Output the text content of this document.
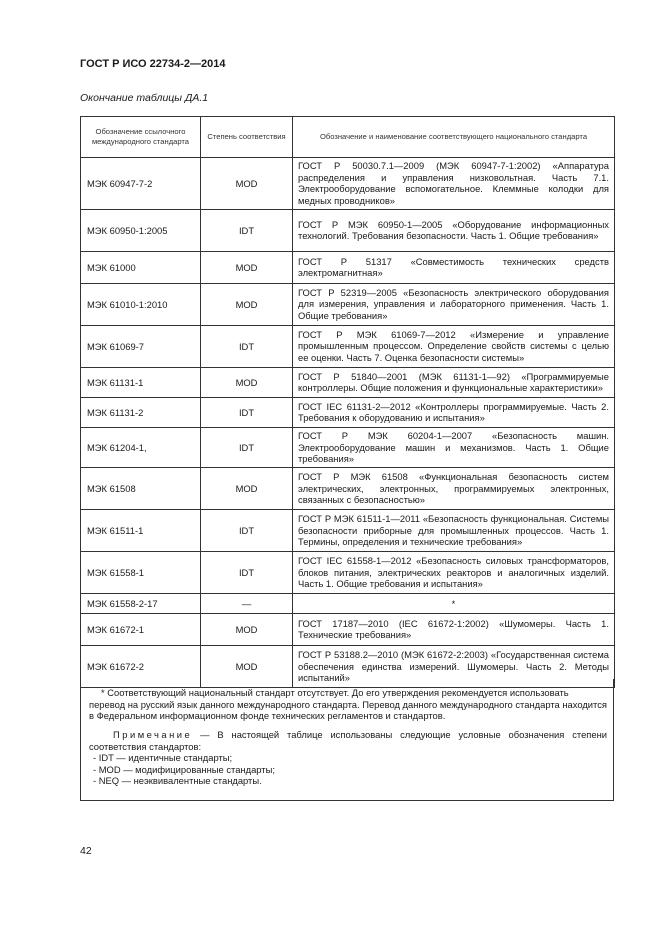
ГОСТ Р ИСО 22734-2—2014
Окончание таблицы ДА.1
Обозначение ссылочного международного стандарта	Степень соответствия	Обозначение и наименование соответствующего национального стандарта
МЭК 60947-7-2	MOD	ГОСТ Р 50030.7.1—2009 (МЭК 60947-7-1:2002) «Аппаратура распределения и управления низковольтная. Часть 7.1. Электрооборудование вспомогательное. Клеммные колодки для медных проводников»
МЭК 60950-1:2005	IDT	ГОСТ Р МЭК 60950-1—2005 «Оборудование информационных технологий. Требования безопасности. Часть 1. Общие требования»
МЭК 61000	MOD	ГОСТ Р 51317 «Совместимость технических средств электромагнитная»
МЭК 61010-1:2010	MOD	ГОСТ Р 52319—2005 «Безопасность электрического оборудования для измерения, управления и лабораторного применения. Часть 1. Общие требования»
МЭК 61069-7	IDT	ГОСТ Р МЭК 61069-7—2012 «Измерение и управление промышленным процессом. Определение свойств системы с целью ее оценки. Часть 7. Оценка безопасности системы»
МЭК 61131-1	MOD	ГОСТ Р 51840—2001 (МЭК 61131-1—92) «Программируемые контроллеры. Общие положения и функциональные характеристики»
МЭК 61131-2	IDT	ГОСТ IEC 61131-2—2012 «Контроллеры программируемые. Часть 2. Требования к оборудованию и испытания»
МЭК 61204-1,	IDT	ГОСТ Р МЭК 60204-1—2007 «Безопасность машин. Электрооборудование машин и механизмов. Часть 1. Общие требования»
МЭК 61508	MOD	ГОСТ Р МЭК 61508 «Функциональная безопасность систем электрических, электронных, программируемых электронных, связанных с безопасностью»
МЭК 61511-1	IDT	ГОСТ Р МЭК 61511-1—2011 «Безопасность функциональная. Системы безопасности приборные для промышленных процессов. Часть 1. Термины, определения и технические требования»
МЭК 61558-1	IDT	ГОСТ IEC 61558-1—2012 «Безопасность силовых трансформаторов, блоков питания, электрических реакторов и аналогичных изделий. Часть 1. Общие требования и испытания»
МЭК 61558-2-17	—	*
МЭК 61672-1	MOD	ГОСТ 17187—2010 (IEC 61672-1:2002) «Шумомеры. Часть 1. Технические требования»
МЭК 61672-2	MOD	ГОСТ Р 53188.2—2010 (МЭК 61672-2:2003) «Государственная система обеспечения единства измерений. Шумомеры. Часть 2. Методы испытаний»
* Соответствующий национальный стандарт отсутствует. До его утверждения рекомендуется использовать
перевод на русский язык данного международного стандарта. Перевод данного международного стандарта находится в Федеральном информационном фонде технических регламентов и стандартов.
Примечание — В настоящей таблице использованы следующие условные обозначения степени соответствия стандартов:
- IDT — идентичные стандарты;
- MOD — модифицированные стандарты;
- NEQ — неэквивалентные стандарты.
42
